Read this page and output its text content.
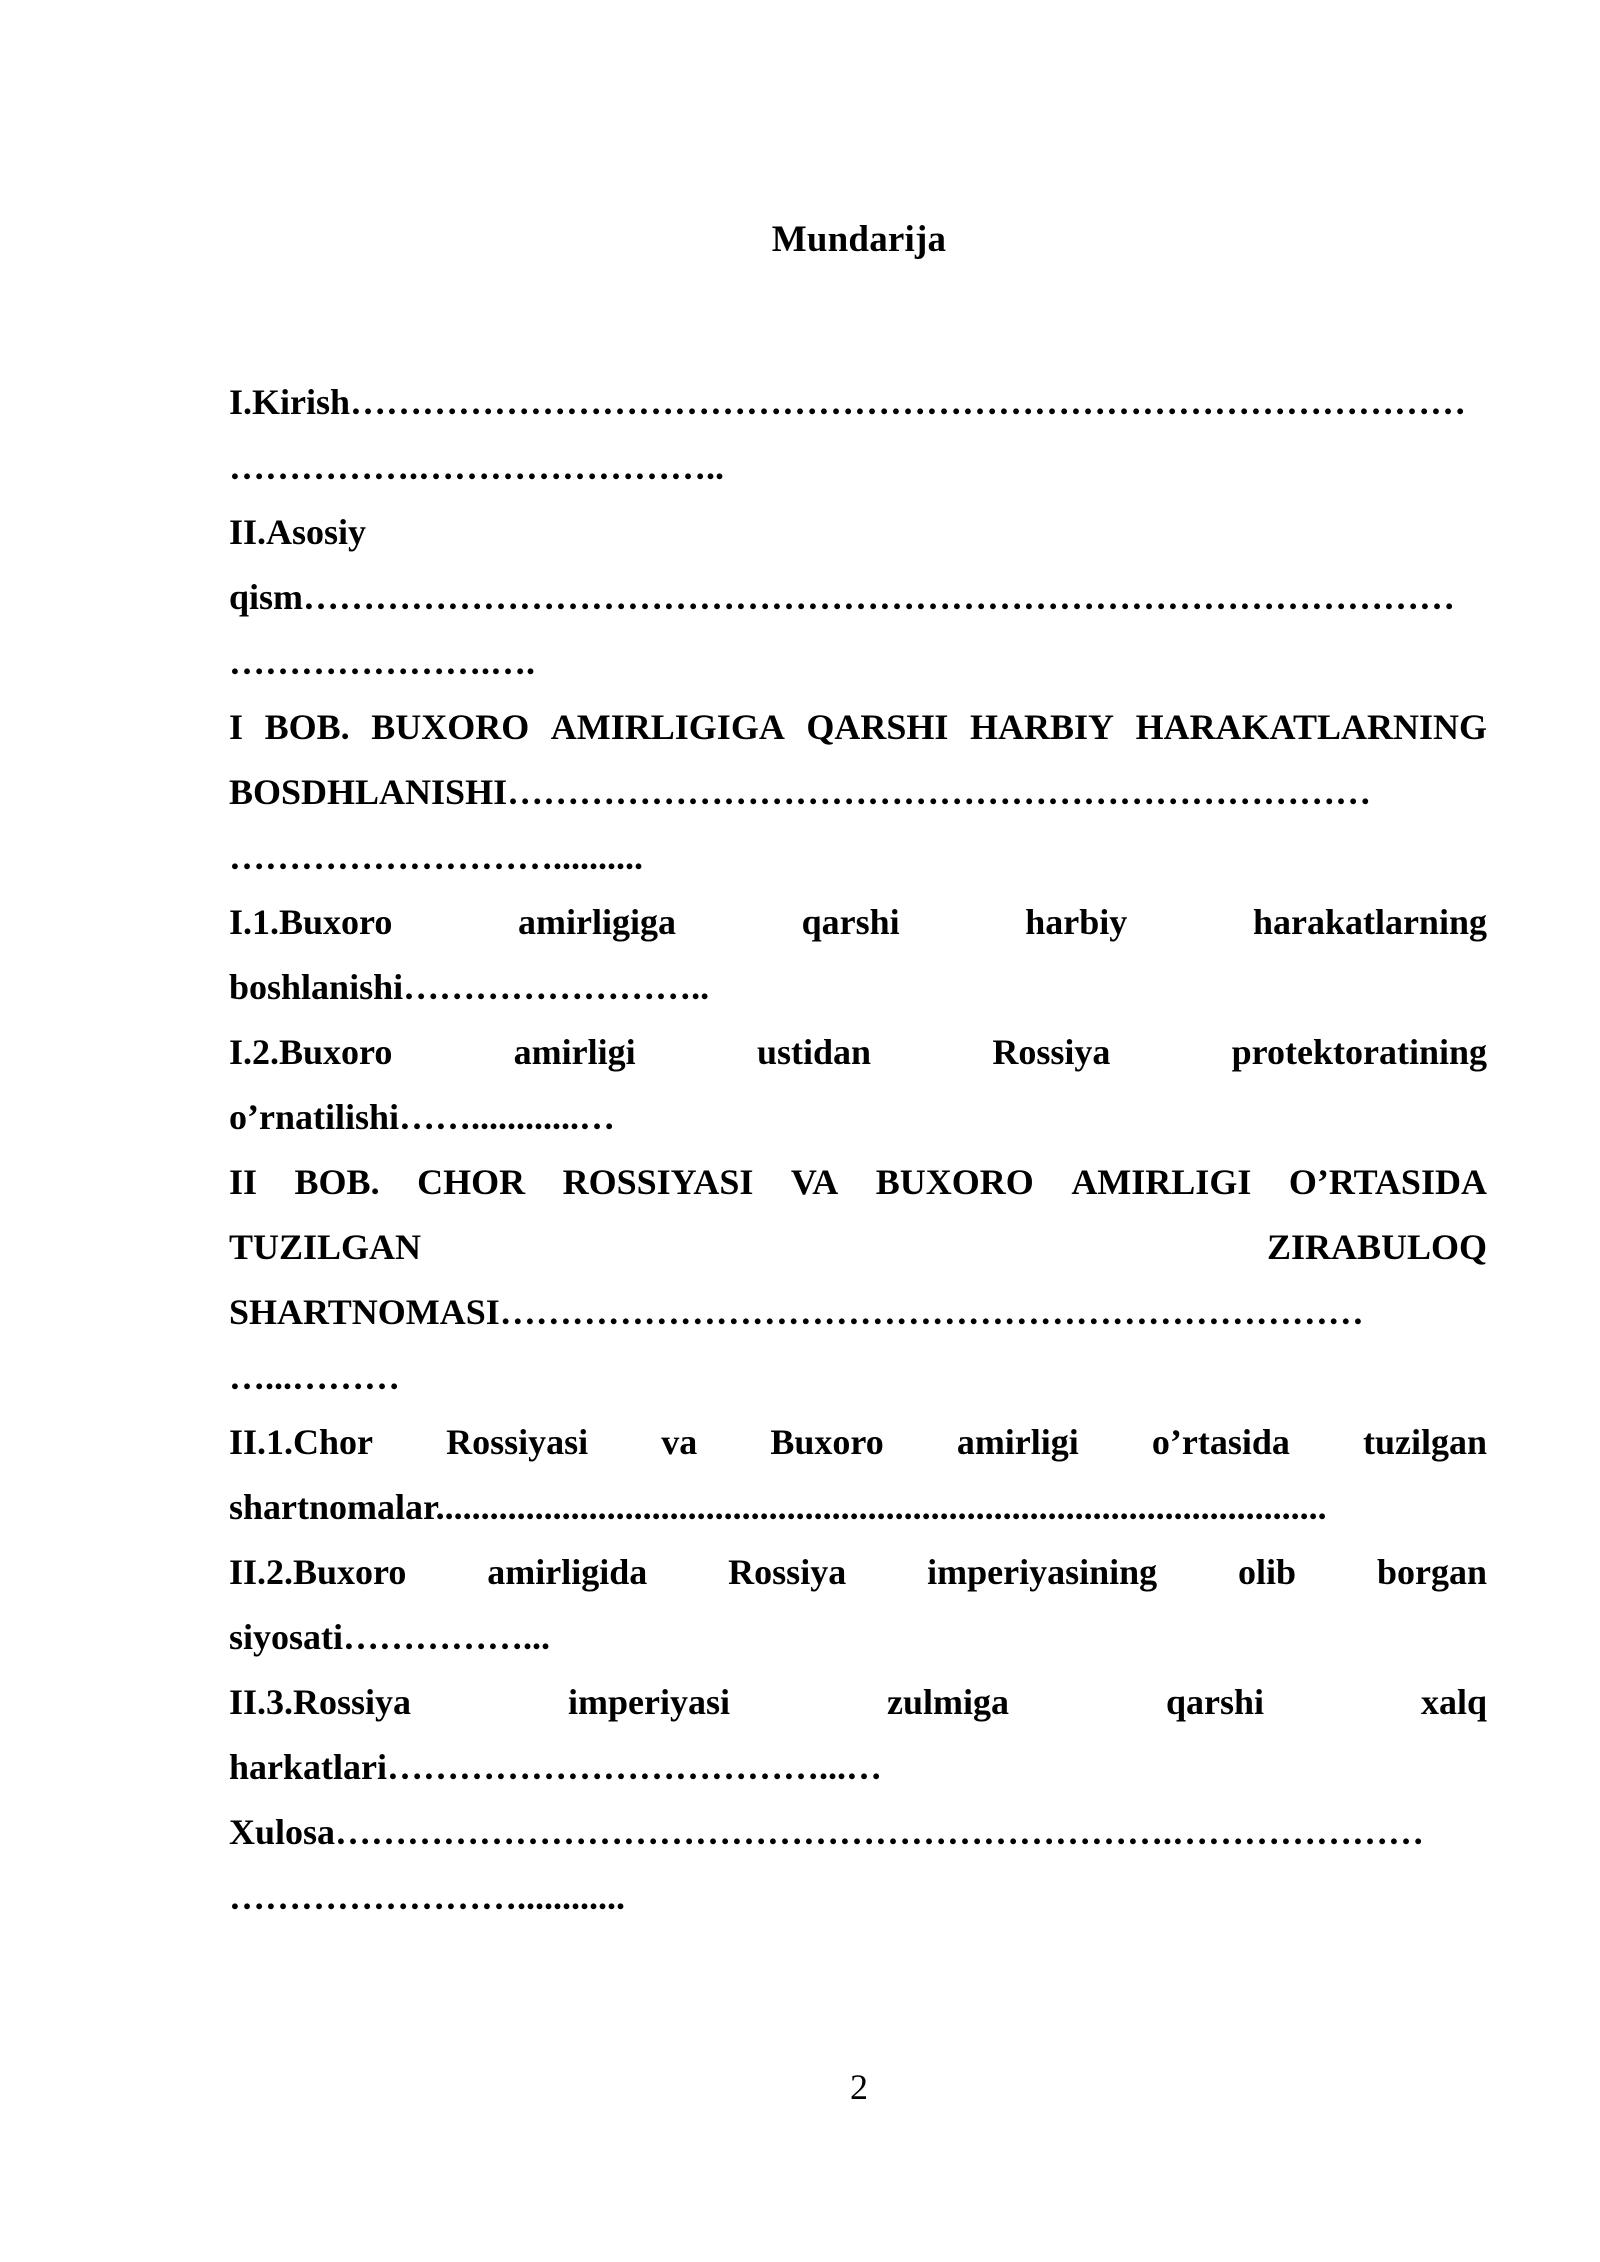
Mundarija
I.Kirish…………………………………………………………………………………
…………….……………………..
II.Asosiy
qism……………………………………………………………………………………
………………….….
I BOB. BUXORO AMIRLIGIGA QARSHI HARBIY HARAKATLARNING
BOSDHLANISHI………………………………………………………………
………………………..........
I.1.Buxoro	amirligiga	qarshi	harbiy	harakatlarning
boshlanishi……………………..
I.2.Buxoro	amirligi	ustidan	Rossiya	protektoratining
o’rnatilishi……............…
II BOB. CHOR ROSSIYASI VA BUXORO AMIRLIGI O’RTASIDA
TUZILGAN	ZIRABULOQ
SHARTNOMASI………………………………………………………………
…...………
II.1.Chor Rossiyasi va Buxoro amirligi o’rtasida tuzilgan
shartnomalar...................................................................................................
II.2.Buxoro amirligida Rossiya imperiyasining olib borgan
siyosati……………...
II.3.Rossiya	imperiyasi	zulmiga	qarshi	xalq
harkatlari………………………………...…
Xulosa…………………………………………………………….…………………
……………………............
2
